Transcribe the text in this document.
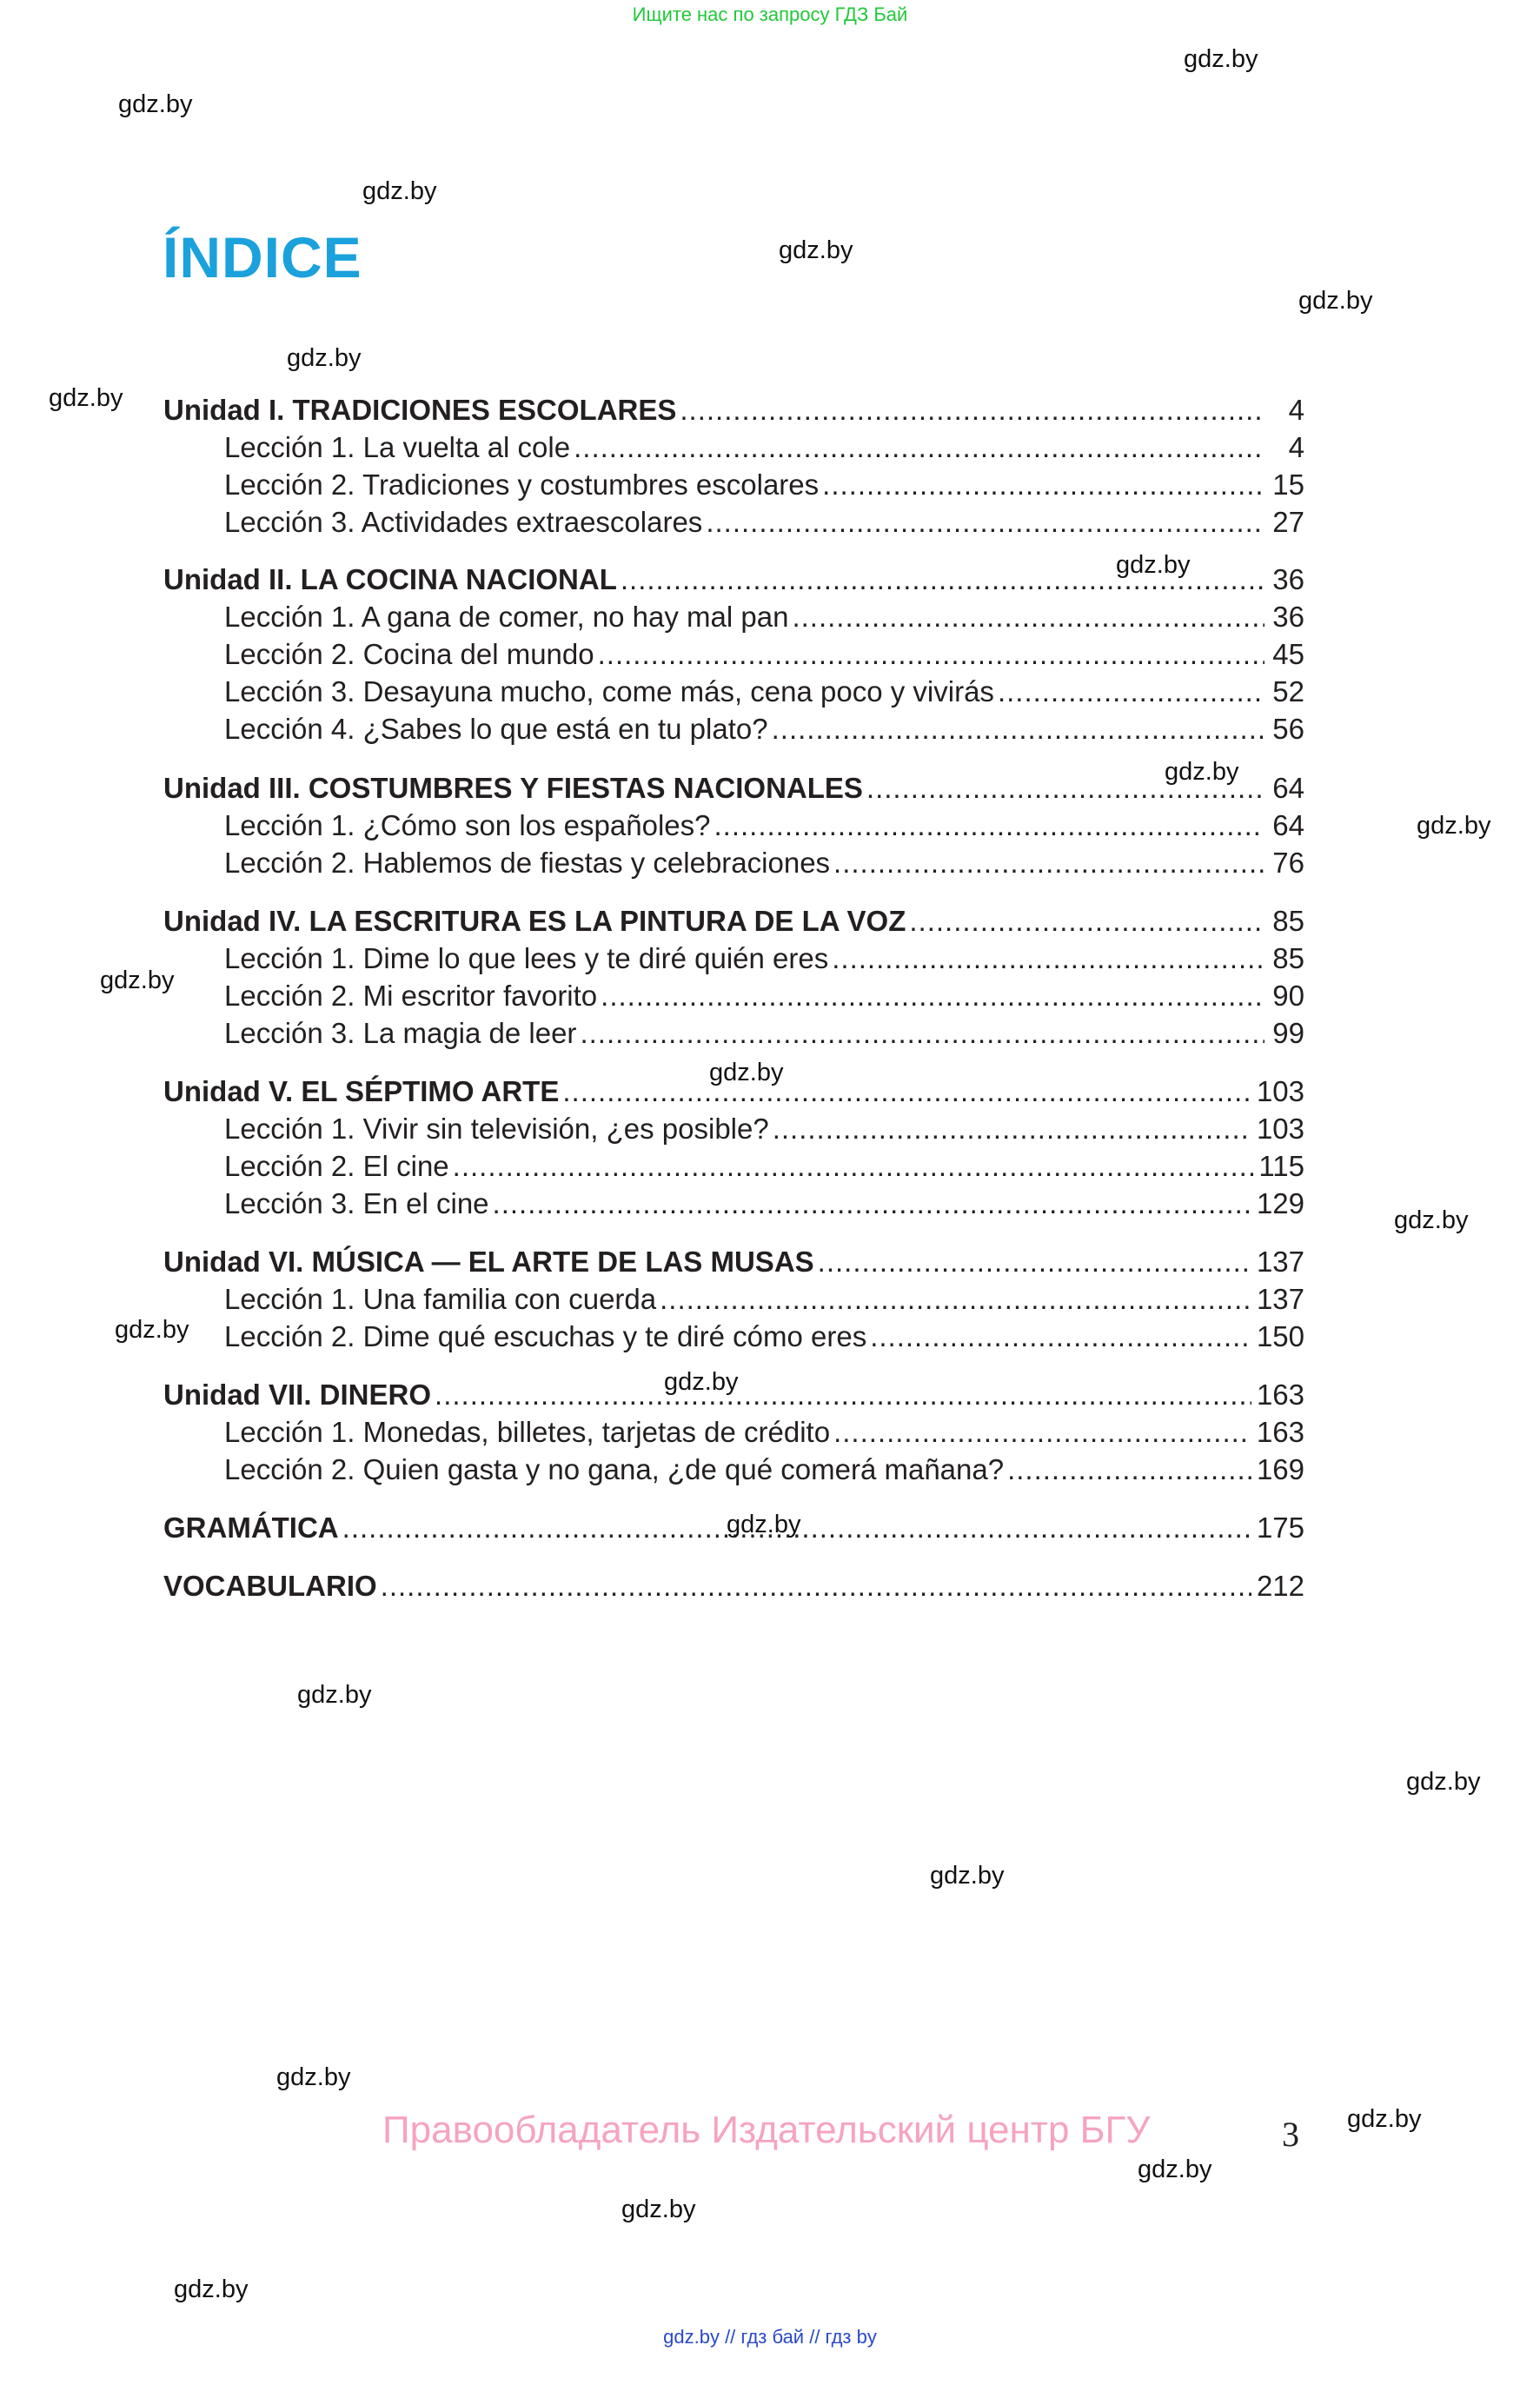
Ищите нас по запросу ГДЗ Бай
gdz.by
gdz.by
gdz.by
gdz.by
gdz.by
gdz.by
gdz.by
gdz.by
gdz.by
gdz.by
gdz.by
gdz.by
gdz.by
gdz.by
gdz.by
gdz.by
gdz.by
gdz.by
gdz.by
gdz.by
gdz.by
gdz.by
gdz.by
gdz.by
ÍNDICE
Unidad I. TRADICIONES ESCOLARES .....	4
Lección 1. La vuelta al cole .....	4
Lección 2. Tradiciones y costumbres escolares .....	15
Lección 3. Actividades extraescolares .....	27
Unidad II. LA COCINA NACIONAL .....	36
Lección 1. A gana de comer, no hay mal pan .....	36
Lección 2. Cocina del mundo .....	45
Lección 3. Desayuna mucho, come más, cena poco y vivirás .....	52
Lección 4. ¿Sabes lo que está en tu plato? .....	56
Unidad III. COSTUMBRES Y FIESTAS NACIONALES .....	64
Lección 1. ¿Cómo son los españoles? .....	64
Lección 2. Hablemos de fiestas y celebraciones .....	76
Unidad IV. LA ESCRITURA ES LA PINTURA DE LA VOZ .....	85
Lección 1. Dime lo que lees y te diré quién eres .....	85
Lección 2. Mi escritor favorito .....	90
Lección 3. La magia de leer .....	99
Unidad V. EL SÉPTIMO ARTE .....	103
Lección 1. Vivir sin televisión, ¿es posible? .....	103
Lección 2. El cine .....	115
Lección 3. En el cine .....	129
Unidad VI. MÚSICA — EL ARTE DE LAS MUSAS .....	137
Lección 1. Una familia con cuerda .....	137
Lección 2. Dime qué escuchas y te diré cómo eres .....	150
Unidad VII. DINERO .....	163
Lección 1. Monedas, billetes, tarjetas de crédito .....	163
Lección 2. Quien gasta y no gana, ¿de qué comerá mañana? .....	169
GRAMÁTICA .....	175
VOCABULARIO .....	212
Правообладатель Издательский центр БГУ	3
gdz.by // гдз бай // гдз by
